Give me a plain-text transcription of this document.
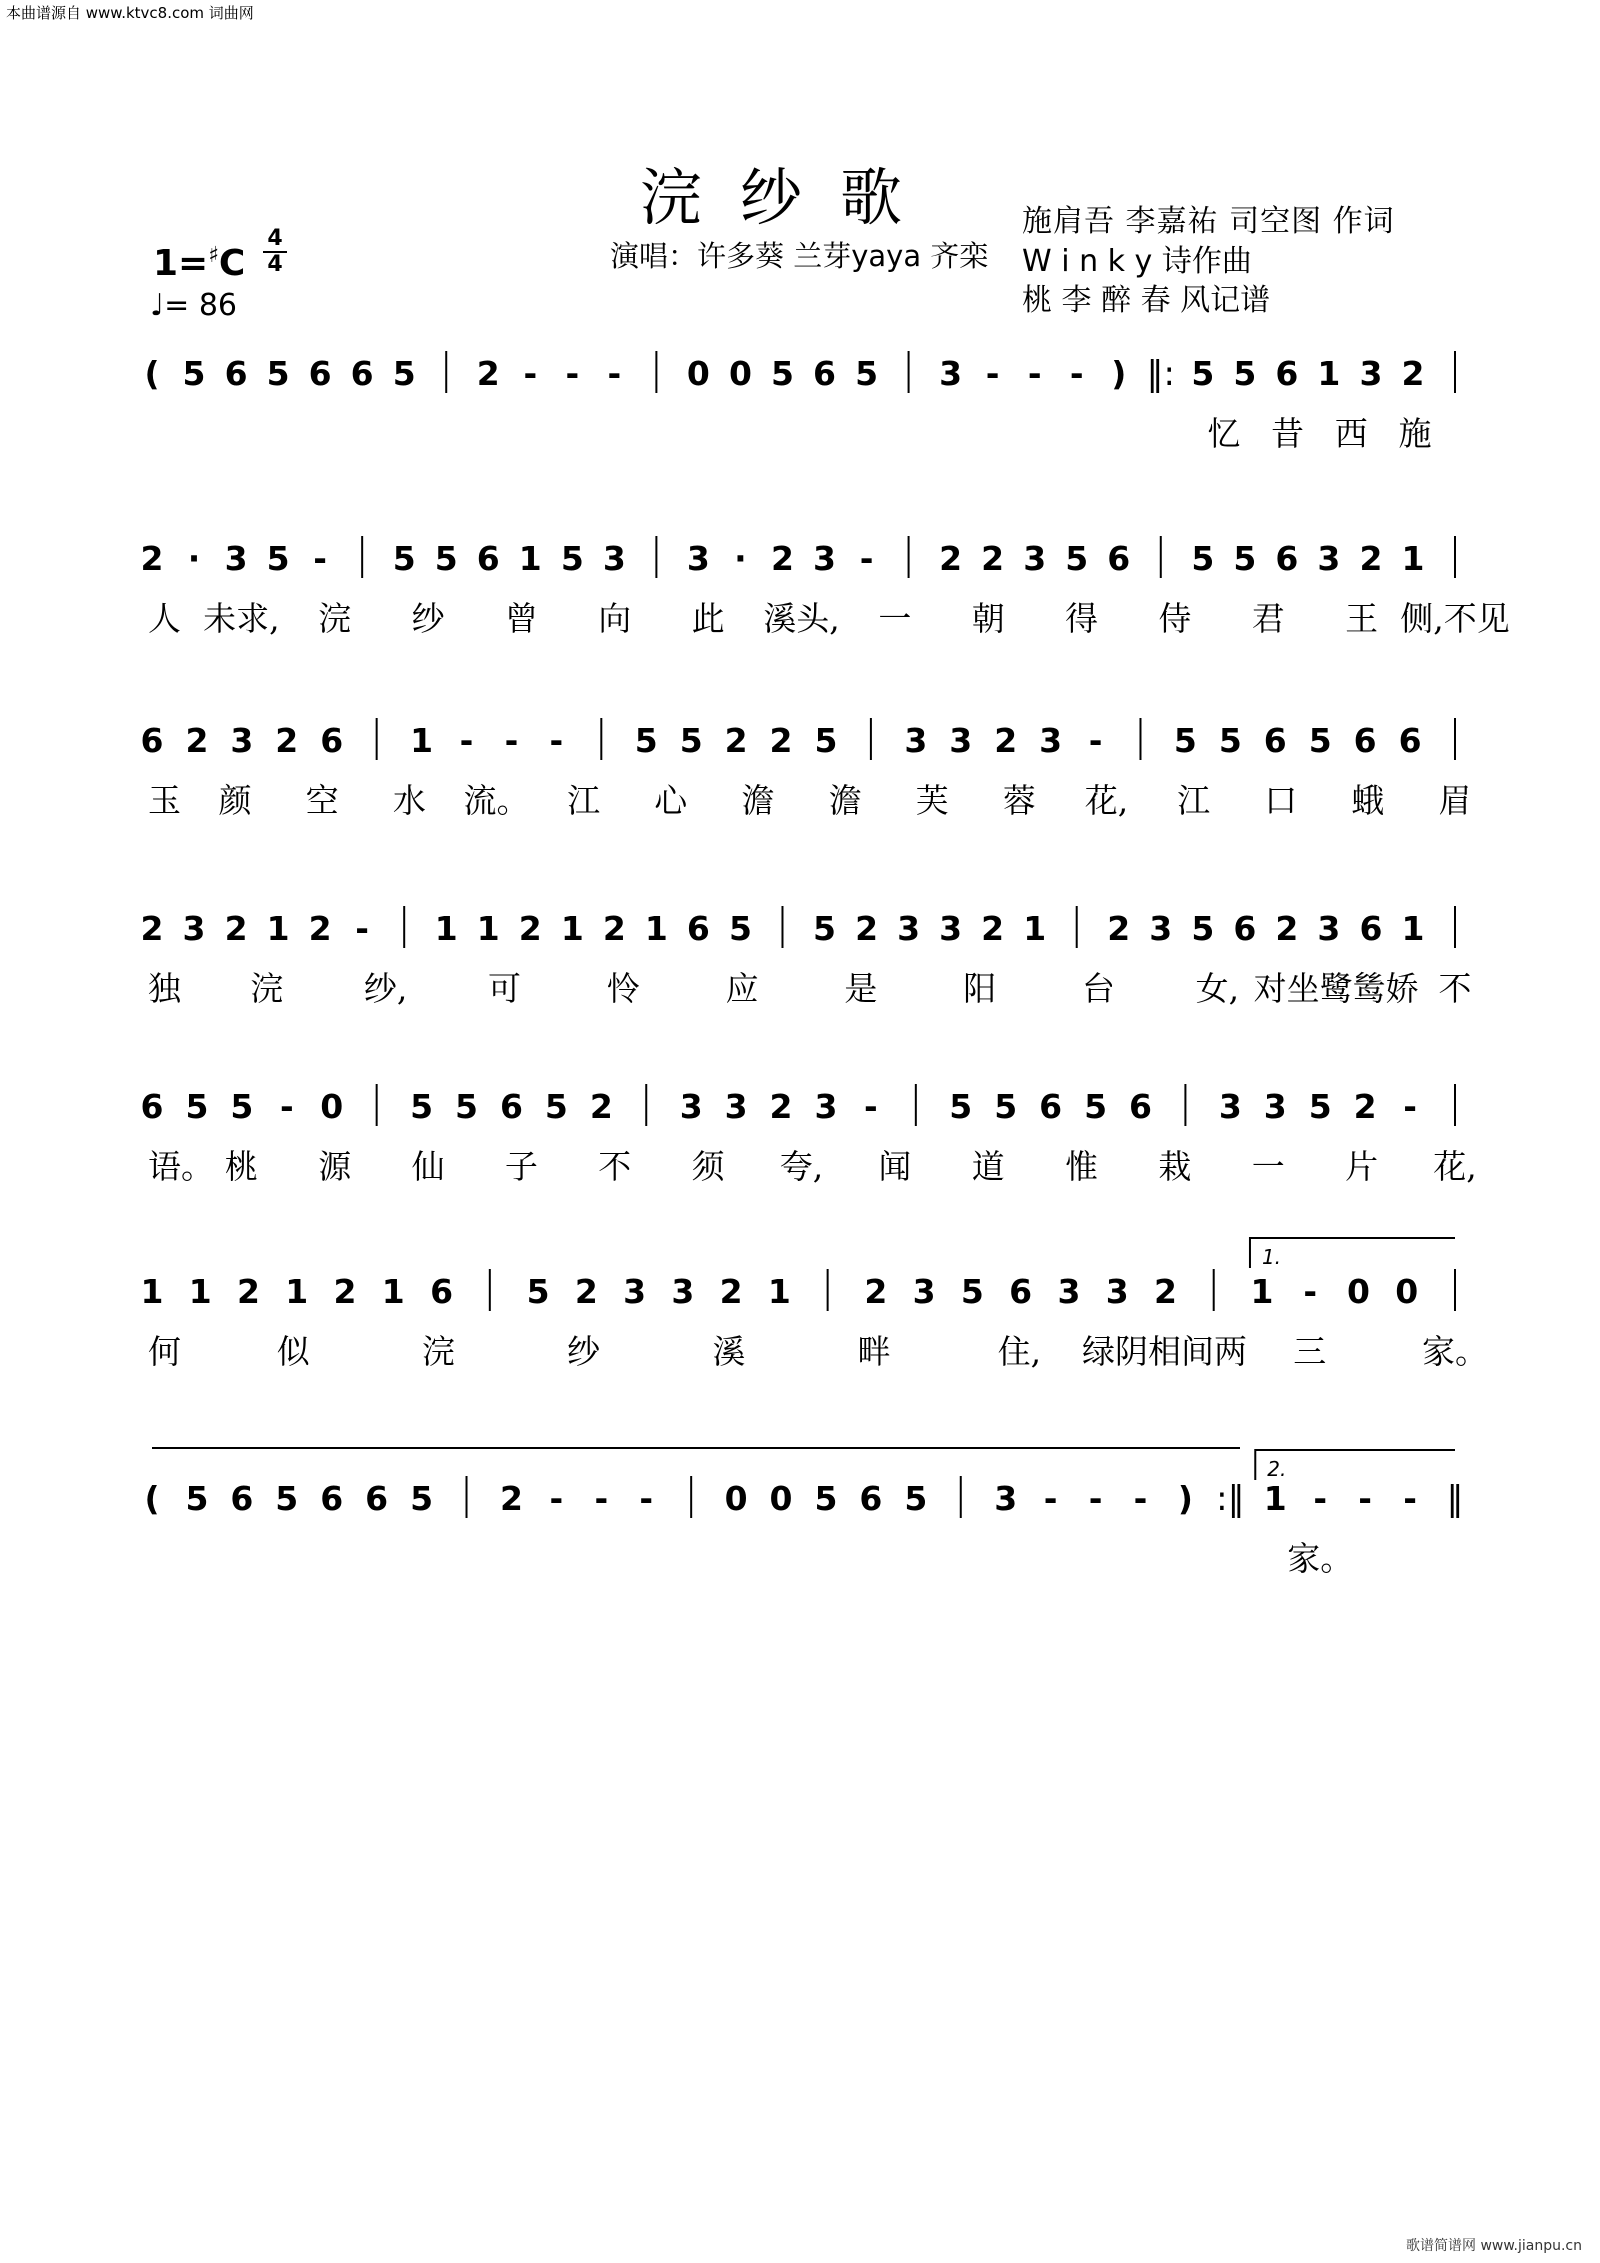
本曲谱源自 www.ktvc8.com 词曲网
浣纱歌
演唱：许多葵 兰芽yaya 齐栾
施肩吾 李嘉祐 司空图 作词
W i n k y 诗作曲
桃 李 醉 春 风记谱
1=♯C
4
4
♩= 86
( 5 6 5 6 6 5 2 - - - 0 0 5 6 5 3 - - - ) ‖: 5 5 6 1 3 2
忆 昔 西 施
2 · 3 5 - 5 5 6 1 5 3 3 · 2 3 - 2 2 3 5 6 5 5 6 3 2 1
人 未求, 浣 纱 曾 向 此 溪头, 一 朝 得 侍 君 王 侧,不见
6 2 3 2 6 1 - - - 5 5 2 2 5 3 3 2 3 - 5 5 6 5 6 6
玉 颜 空 水 流。 江 心 澹 澹 芙 蓉 花, 江 口 蛾 眉
2 3 2 1 2 - 1 1 2 1 2 1 6 5 5 2 3 3 2 1 2 3 5 6 2 3 6 1
独 浣 纱, 可	怜	应	是	阳	台 女, 对坐鹭鸶娇 不
6 5 5 - 0 5 5 6 5 2 3 3 2 3 - 5 5 6 5 6 3 3 5 2 -
语。 桃 源 仙 子 不 须 夸, 闻 道 惟 栽 一 片 花,
1 1 2 1 2 1 6 5 2 3 3 2 1 2 3 5 6 3 3 2 1 - 0 0
何	似	浣	纱	溪	畔	住, 绿阴相间两 三	家。
1.
( 5 6 5 6 6 5 2 - - - 0 0 5 6 5 3 - - - ) :‖ 1 - - - ‖
家。
2.
歌谱简谱网 www.jianpu.cn
